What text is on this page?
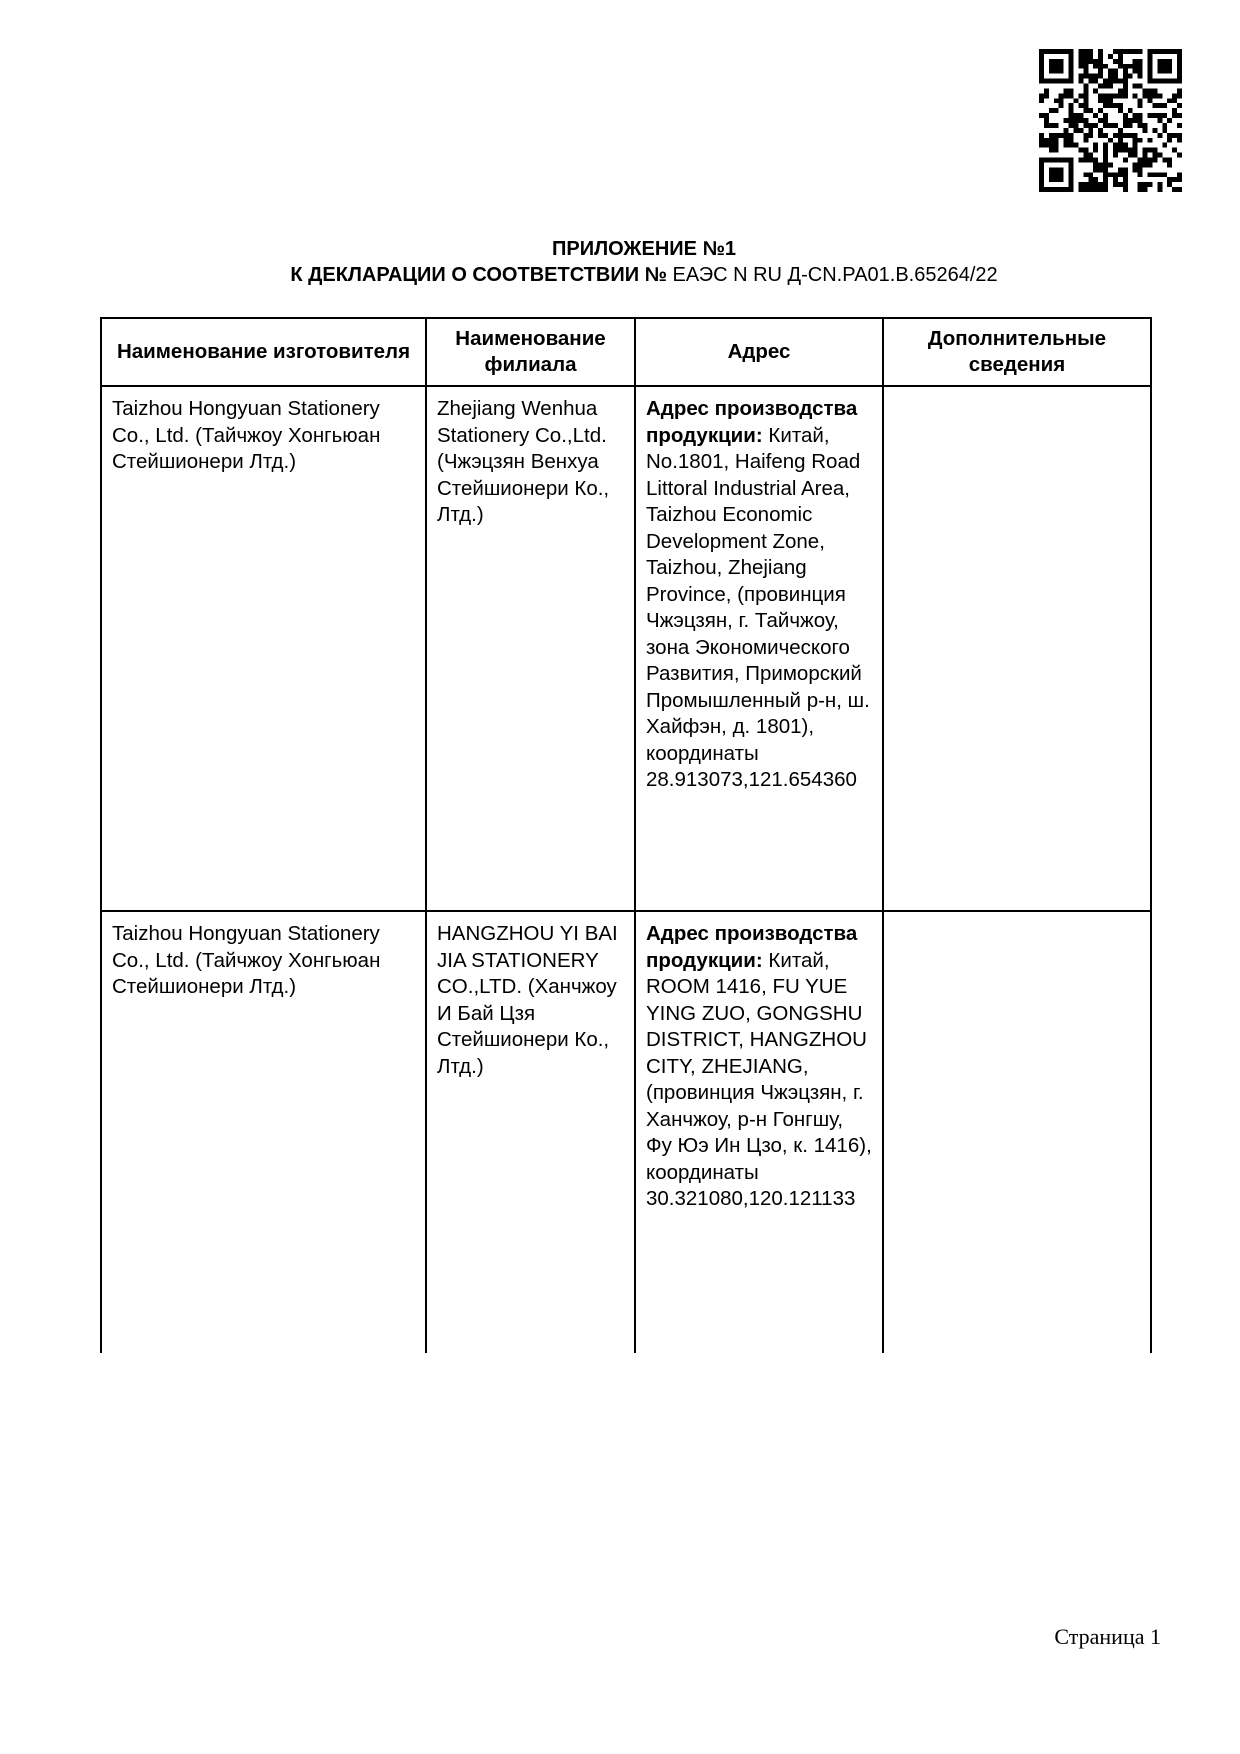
ПРИЛОЖЕНИЕ №1
К ДЕКЛАРАЦИИ О СООТВЕТСТВИИ № ЕАЭС N RU Д-CN.РА01.В.65264/22
Наименование изготовителя	Наименование филиала	Адрес	Дополнительные сведения
Taizhou Hongyuan Stationery Co., Ltd. (Тайчжоу Хонгьюан Стейшионери Лтд.)	Zhejiang Wenhua Stationery Co.,Ltd. (Чжэцзян Венхуа Стейшионери Ко., Лтд.)	Адрес производства продукции: Китай, No.1801, Haifeng Road Littoral Industrial Area, Taizhou Economic Development Zone, Taizhou, Zhejiang Province, (провинция Чжэцзян, г. Тайчжоу, зона Экономического Развития, Приморский Промышленный р-н, ш. Хайфэн, д. 1801), координаты 28.913073,121.654360	
Taizhou Hongyuan Stationery Co., Ltd. (Тайчжоу Хонгьюан Стейшионери Лтд.)	HANGZHOU YI BAI JIA STATIONERY CO.,LTD. (Ханчжоу И Бай Цзя Стейшионери Ко., Лтд.)	Адрес производства продукции: Китай, ROOM 1416, FU YUE YING ZUO, GONGSHU DISTRICT, HANGZHOU CITY, ZHEJIANG, (провинция Чжэцзян, г. Ханчжоу, р-н Гонгшу, Фу Юэ Ин Цзо, к. 1416), координаты 30.321080,120.121133	
Страница 1
